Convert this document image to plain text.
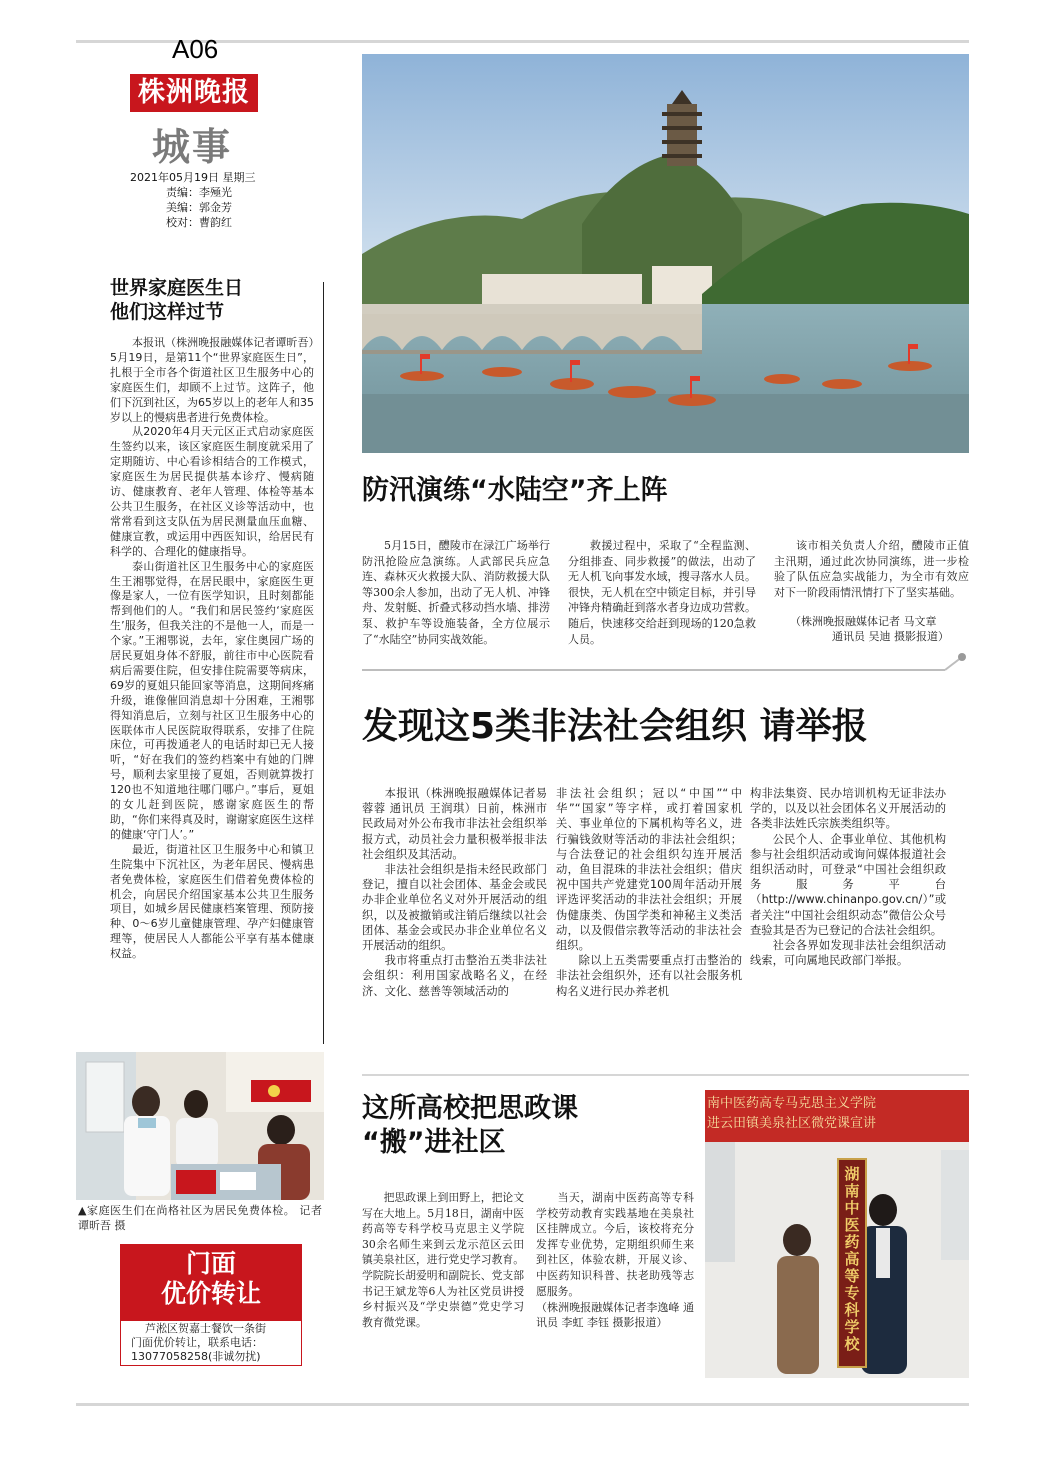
A06
株洲晚报
城事
2021年05月19日 星期三
责编：李殛光
美编：郭金芳
校对：曹韵红
世界家庭医生日
他们这样过节

本报讯（株洲晚报融媒体记者谭昕吾）5月19日，是第11个“世界家庭医生日”，扎根于全市各个街道社区卫生服务中心的家庭医生们，却顾不上过节。这阵子，他们下沉到社区，为65岁以上的老年人和35岁以上的慢病患者进行免费体检。

从2020年4月天元区正式启动家庭医生签约以来，该区家庭医生制度就采用了定期随访、中心看诊相结合的工作模式，家庭医生为居民提供基本诊疗、慢病随访、健康教育、老年人管理、体检等基本公共卫生服务，在社区义诊等活动中，也常常看到这支队伍为居民测量血压血糖、健康宣教，或运用中西医知识，给居民有科学的、合理化的健康指导。

泰山街道社区卫生服务中心的家庭医生王湘鄂觉得，在居民眼中，家庭医生更像是家人，一位有医学知识，且时刻都能帮到他们的人。“我们和居民签约‘家庭医生’服务，但我关注的不是他一人，而是一个家。”王湘鄂说，去年，家住奥园广场的居民夏姐身体不舒服，前往市中心医院看病后需要住院，但安排住院需要等病床，69岁的夏姐只能回家等消息，这期间疼痛升级，谁像催回消息却十分困难，王湘鄂得知消息后，立刻与社区卫生服务中心的医联体市人民医院取得联系，安排了住院床位，可再拨通老人的电话时却已无人接听，“好在我们的签约档案中有她的门牌号，顺利去家里接了夏姐，否则就算拨打120也不知道地往哪门哪户。”事后，夏姐的女儿赶到医院，感谢家庭医生的帮助，“你们来得真及时，谢谢家庭医生这样的健康‘守门人’。”

最近，街道社区卫生服务中心和镇卫生院集中下沉社区，为老年居民、慢病患者免费体检，家庭医生们借着免费体检的机会，向居民介绍国家基本公共卫生服务项目，如城乡居民健康档案管理、预防接种、0～6岁儿童健康管理、孕产妇健康管理等，使居民人人都能公平享有基本健康权益。

▲家庭医生们在尚格社区为居民免费体检。 记者 谭昕吾 摄
门面
优价转让
芦淞区贺嘉士餐饮一条街
门面优价转让，联系电话：
13077058258(非诚勿扰)
防汛演练“水陆空”齐上阵

5月15日，醴陵市在渌江广场举行防汛抢险应急演练。人武部民兵应急连、森林灭火救援大队、消防救援大队等300余人参加，出动了无人机、冲锋舟、发射艇、折叠式移动挡水墙、排涝泵、救护车等设施装备，全方位展示了“水陆空”协同实战效能。

救援过程中，采取了“全程监测、分组排查、同步救援”的做法，出动了无人机飞向事发水域，搜寻落水人员。很快，无人机在空中锁定目标，并引导冲锋舟精确赶到落水者身边成功营救。随后，快速移交给赶到现场的120急救人员。

该市相关负责人介绍，醴陵市正值主汛期，通过此次协同演练，进一步检验了队伍应急实战能力，为全市有效应对下一阶段雨情汛情打下了坚实基础。

（株洲晚报融媒体记者 马文章
通讯员 吴迪 摄影报道）
发现这5类非法社会组织 请举报

本报讯（株洲晚报融媒体记者易蓉蓉 通讯员 王润琪）日前，株洲市民政局对外公布我市非法社会组织举报方式，动员社会力量积极举报非法社会组织及其活动。

非法社会组织是指未经民政部门登记，擅自以社会团体、基金会或民办非企业单位名义对外开展活动的组织，以及被撤销或注销后继续以社会团体、基金会或民办非企业单位名义开展活动的组织。

我市将重点打击整治五类非法社会组织：利用国家战略名义，在经济、文化、慈善等领域活动的

非法社会组织；冠以“中国”“中华”“国家”等字样，或打着国家机关、事业单位的下属机构等名义，进行骗钱敛财等活动的非法社会组织；与合法登记的社会组织勾连开展活动，鱼目混珠的非法社会组织；借庆祝中国共产党建党100周年活动开展评选评奖活动的非法社会组织；开展伪健康类、伪国学类和神秘主义类活动，以及假借宗教等活动的非法社会组织。

除以上五类需要重点打击整治的非法社会组织外，还有以社会服务机构名义进行民办养老机

构非法集资、民办培训机构无证非法办学的，以及以社会团体名义开展活动的各类非法姓氏宗族类组织等。

公民个人、企事业单位、其他机构参与社会组织活动或询问媒体报道社会组织活动时，可登录“中国社会组织政务服务平台（http://www.chinanpo.gov.cn/）”或者关注“中国社会组织动态”微信公众号查验其是否为已登记的合法社会组织。

社会各界如发现非法社会组织活动线索，可向属地民政部门举报。

这所高校把思政课
“搬”进社区

把思政课上到田野上，把论文写在大地上。5月18日，湖南中医药高等专科学校马克思主义学院30余名师生来到云龙示范区云田镇美泉社区，进行党史学习教育。学院院长胡爱明和副院长、党支部书记王斌龙等6人为社区党员讲授乡村振兴及“学史崇德”党史学习教育微党课。

当天，湖南中医药高等专科学校劳动教育实践基地在美泉社区挂牌成立。今后，该校将充分发挥专业优势，定期组织师生来到社区，体验农耕，开展义诊、中医药知识科普、扶老助残等志愿服务。

（株洲晚报融媒体记者李逸峰 通讯员 李虹 李钰 摄影报道）
南中医药高专马克思主义学院
进云田镇美泉社区微党课宣讲
湖南中医药高等专科学校
